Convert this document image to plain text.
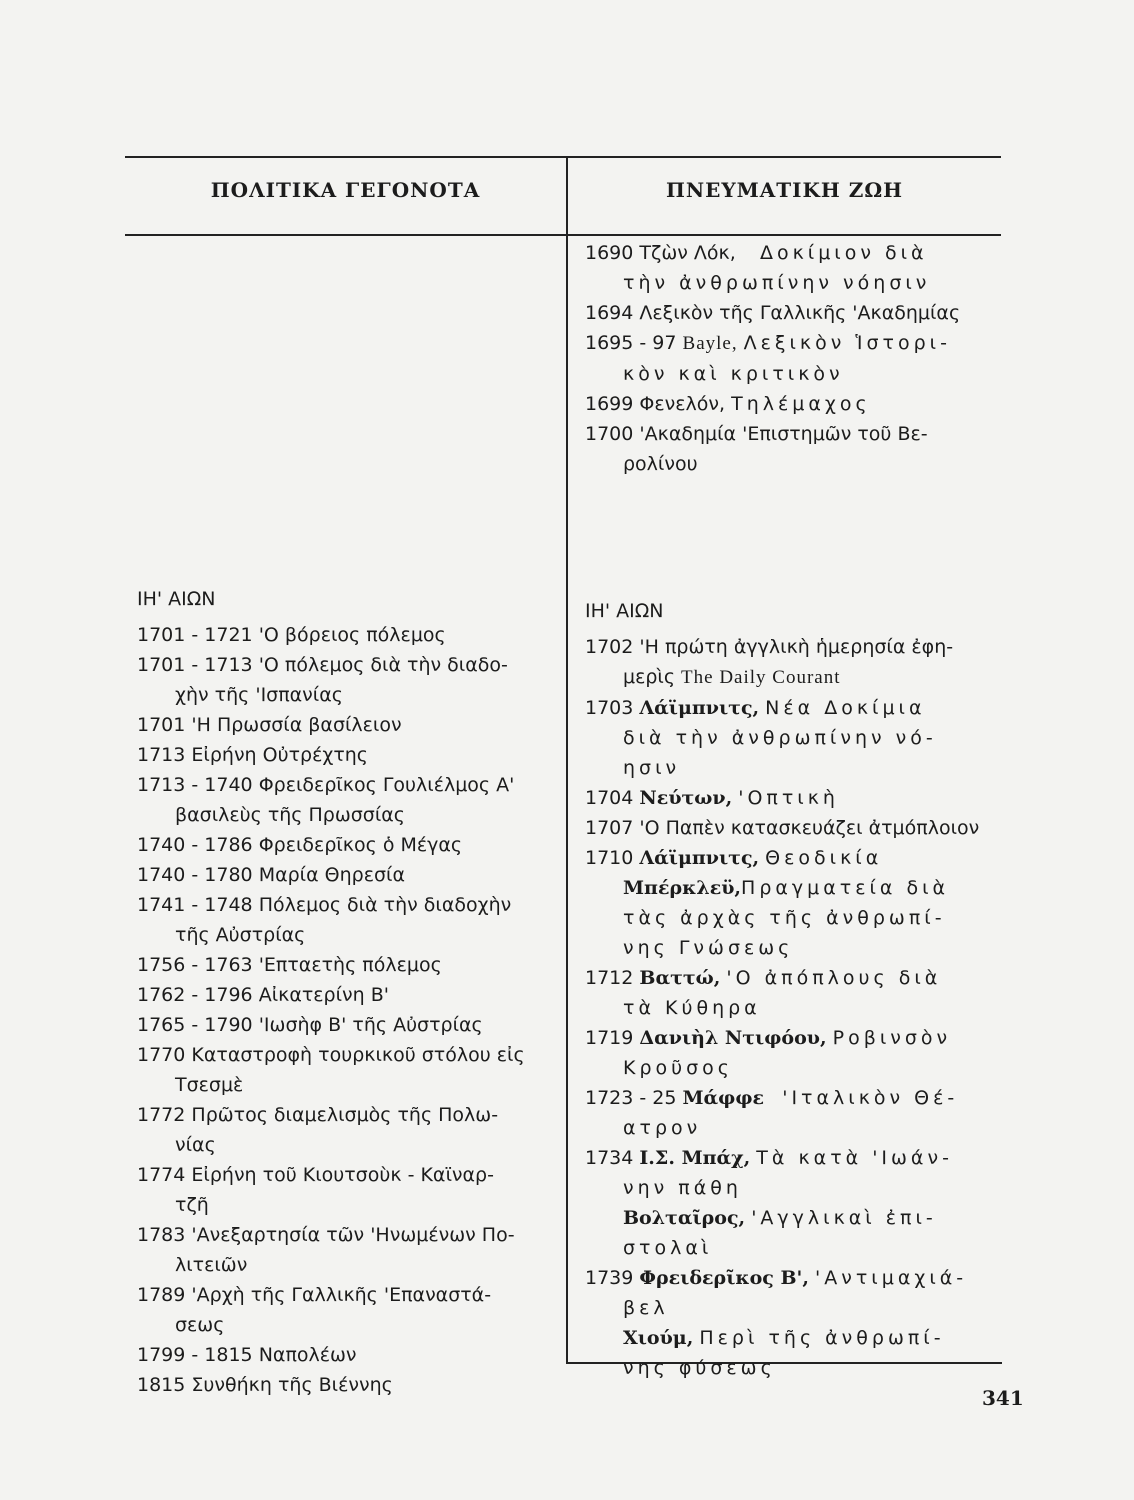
ΠΟΛΙΤΙΚΑ ΓΕΓΟΝΟΤΑ	ΠΝΕΥΜΑΤΙΚΗ ΖΩΗ

1690 Τζὼν Λόκ, Δοκίμιον διὰ

τὴν ἀνθρωπίνην νόησιν

1694 Λεξικὸν τῆς Γαλλικῆς 'Ακαδημίας

1695 - 97 Bayle, Λεξικὸν Ἱστορι-

κὸν καὶ κριτικὸν

1699 Φενελόν, Τηλέμαχος

1700 'Ακαδημία 'Επιστημῶν τοῦ Βε-

ρολίνου

ΙΗ' ΑΙΩΝ

1701 - 1721 'Ο βόρειος πόλεμος

1701 - 1713 'Ο πόλεμος διὰ τὴν διαδο-

χὴν τῆς 'Ισπανίας

1701 'Η Πρωσσία βασίλειον

1713 Εἰρήνη Οὐτρέχτης

1713 - 1740 Φρειδερῖκος Γουλιέλμος Α'

βασιλεὺς τῆς Πρωσσίας

1740 - 1786 Φρειδερῖκος ὁ Μέγας

1740 - 1780 Μαρία Θηρεσία

1741 - 1748 Πόλεμος διὰ τὴν διαδοχὴν

τῆς Αὐστρίας

1756 - 1763 'Επταετὴς πόλεμος

1762 - 1796 Αἰκατερίνη Β'

1765 - 1790 'Ιωσὴφ Β' τῆς Αὐστρίας

1770 Καταστροφὴ τουρκικοῦ στόλου εἰς

Τσεσμὲ

1772 Πρῶτος διαμελισμὸς τῆς Πολω-

νίας

1774 Εἰρήνη τοῦ Κιουτσοὺκ - Καϊναρ-

τζῆ

1783 'Ανεξαρτησία τῶν 'Ηνωμένων Πο-

λιτειῶν

1789 'Αρχὴ τῆς Γαλλικῆς 'Επαναστά-

σεως

1799 - 1815 Ναπολέων

1815 Συνθήκη τῆς Βιέννης

ΙΗ' ΑΙΩΝ

1702 'Η πρώτη ἀγγλικὴ ἡμερησία ἐφη-

μερὶς The Daily Courant

1703 Λάϊμπνιτς, Νέα Δοκίμια

διὰ τὴν ἀνθρωπίνην νό-

ησιν

1704 Νεύτων, 'Οπτικὴ

1707 'Ο Παπὲν κατασκευάζει ἀτμόπλοιον

1710 Λάϊμπνιτς, Θεοδικία

Μπέρκλεϋ,Πραγματεία διὰ

τὰς ἀρχὰς τῆς ἀνθρωπί-

νης Γνώσεως

1712 Βαττώ, 'Ο ἀπόπλους διὰ

τὰ Κύθηρα

1719 Δανιὴλ Ντιφόου, Ροβινσὸν

Κροῦσος

1723 - 25 Μάφφε 'Ιταλικὸν Θέ-

ατρον

1734 Ι.Σ. Μπάχ, Τὰ κατὰ 'Ιωάν-

νην πάθη

Βολταῖρος, 'Αγγλικαὶ ἐπι-

στολαὶ

1739 Φρειδερῖκος Β', 'Αντιμαχιά-

βελ

Χιούμ, Περὶ τῆς ἀνθρωπί-

νης φύσεως

341
